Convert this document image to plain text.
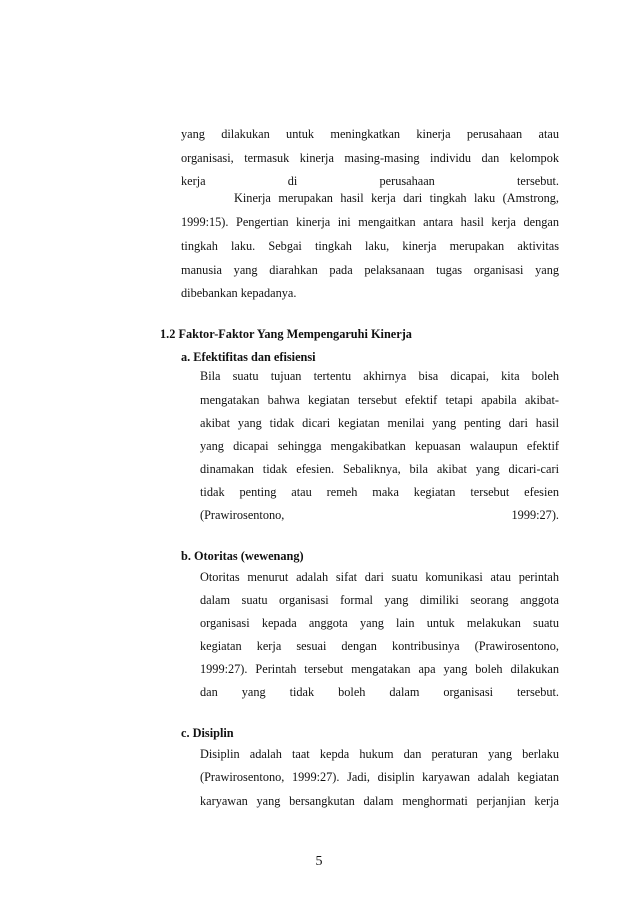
yang dilakukan untuk meningkatkan kinerja perusahaan atau
organisasi, termasuk kinerja masing-masing individu dan kelompok
kerja di perusahaan tersebut.
Kinerja merupakan hasil kerja dari tingkah laku (Amstrong,
1999:15). Pengertian kinerja ini mengaitkan antara hasil kerja dengan
tingkah laku. Sebgai tingkah laku, kinerja merupakan aktivitas
manusia yang diarahkan pada pelaksanaan tugas organisasi yang
dibebankan kepadanya.
1.2 Faktor-Faktor Yang Mempengaruhi Kinerja
a. Efektifitas dan efisiensi
Bila suatu tujuan tertentu akhirnya bisa dicapai, kita boleh
mengatakan bahwa kegiatan tersebut efektif tetapi apabila akibat-
akibat yang tidak dicari kegiatan menilai yang penting dari hasil
yang dicapai sehingga mengakibatkan kepuasan walaupun efektif
dinamakan tidak efesien. Sebaliknya, bila akibat yang dicari-cari
tidak penting atau remeh maka kegiatan tersebut efesien
(Prawirosentono, 1999:27).
b. Otoritas (wewenang)
Otoritas menurut adalah sifat dari suatu komunikasi atau perintah
dalam suatu organisasi formal yang dimiliki seorang anggota
organisasi kepada anggota yang lain untuk melakukan suatu
kegiatan kerja sesuai dengan kontribusinya (Prawirosentono,
1999:27). Perintah tersebut mengatakan apa yang boleh dilakukan
dan yang tidak boleh dalam organisasi tersebut.
c. Disiplin
Disiplin adalah taat kepda hukum dan peraturan yang berlaku
(Prawirosentono, 1999:27). Jadi, disiplin karyawan adalah kegiatan
karyawan yang bersangkutan dalam menghormati perjanjian kerja
5
